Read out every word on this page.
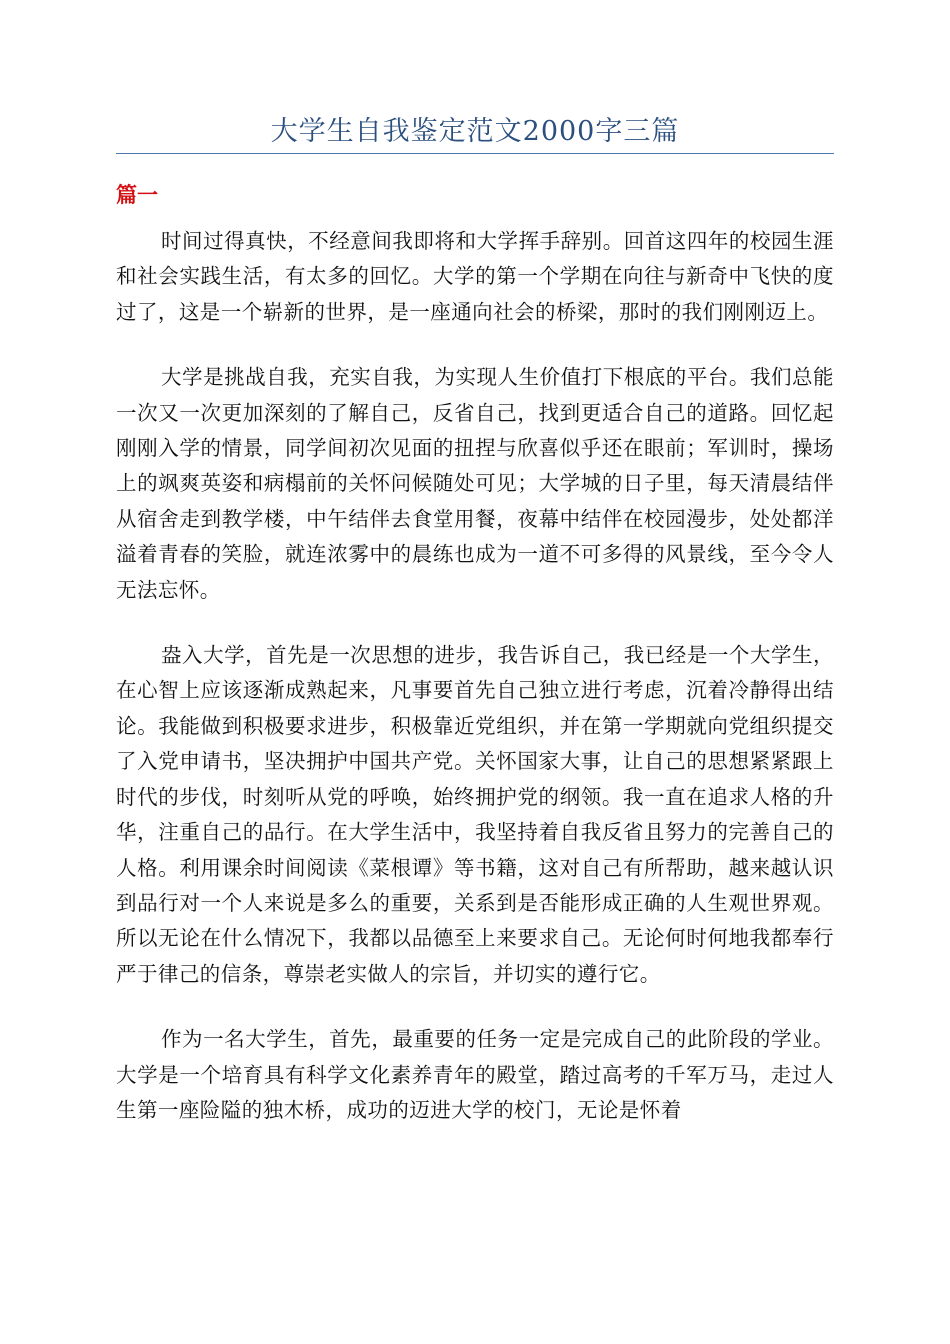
大学生自我鉴定范文2000字三篇
篇一

时间过得真快，不经意间我即将和大学挥手辞别。回首这四年的校园生涯和社会实践生活，有太多的回忆。大学的第一个学期在向往与新奇中飞快的度过了，这是一个崭新的世界，是一座通向社会的桥梁，那时的我们刚刚迈上。

大学是挑战自我，充实自我，为实现人生价值打下根底的平台。我们总能一次又一次更加深刻的了解自己，反省自己，找到更适合自己的道路。回忆起刚刚入学的情景，同学间初次见面的扭捏与欣喜似乎还在眼前；军训时，操场上的飒爽英姿和病榻前的关怀问候随处可见；大学城的日子里，每天清晨结伴从宿舍走到教学楼，中午结伴去食堂用餐，夜幕中结伴在校园漫步，处处都洋溢着青春的笑脸，就连浓雾中的晨练也成为一道不可多得的风景线，至今令人无法忘怀。

盎入大学，首先是一次思想的进步，我告诉自己，我已经是一个大学生，在心智上应该逐渐成熟起来，凡事要首先自己独立进行考虑，沉着冷静得出结论。我能做到积极要求进步，积极靠近党组织，并在第一学期就向党组织提交了入党申请书，坚决拥护中国共产党。关怀国家大事，让自己的思想紧紧跟上时代的步伐，时刻听从党的呼唤，始终拥护党的纲领。我一直在追求人格的升华，注重自己的品行。在大学生活中，我坚持着自我反省且努力的完善自己的人格。利用课余时间阅读《菜根谭》等书籍，这对自己有所帮助，越来越认识到品行对一个人来说是多么的重要，关系到是否能形成正确的人生观世界观。所以无论在什么情况下，我都以品德至上来要求自己。无论何时何地我都奉行严于律己的信条，尊崇老实做人的宗旨，并切实的遵行它。

作为一名大学生，首先，最重要的任务一定是完成自己的此阶段的学业。大学是一个培育具有科学文化素养青年的殿堂，踏过高考的千军万马，走过人生第一座险隘的独木桥，成功的迈进大学的校门，无论是怀着
